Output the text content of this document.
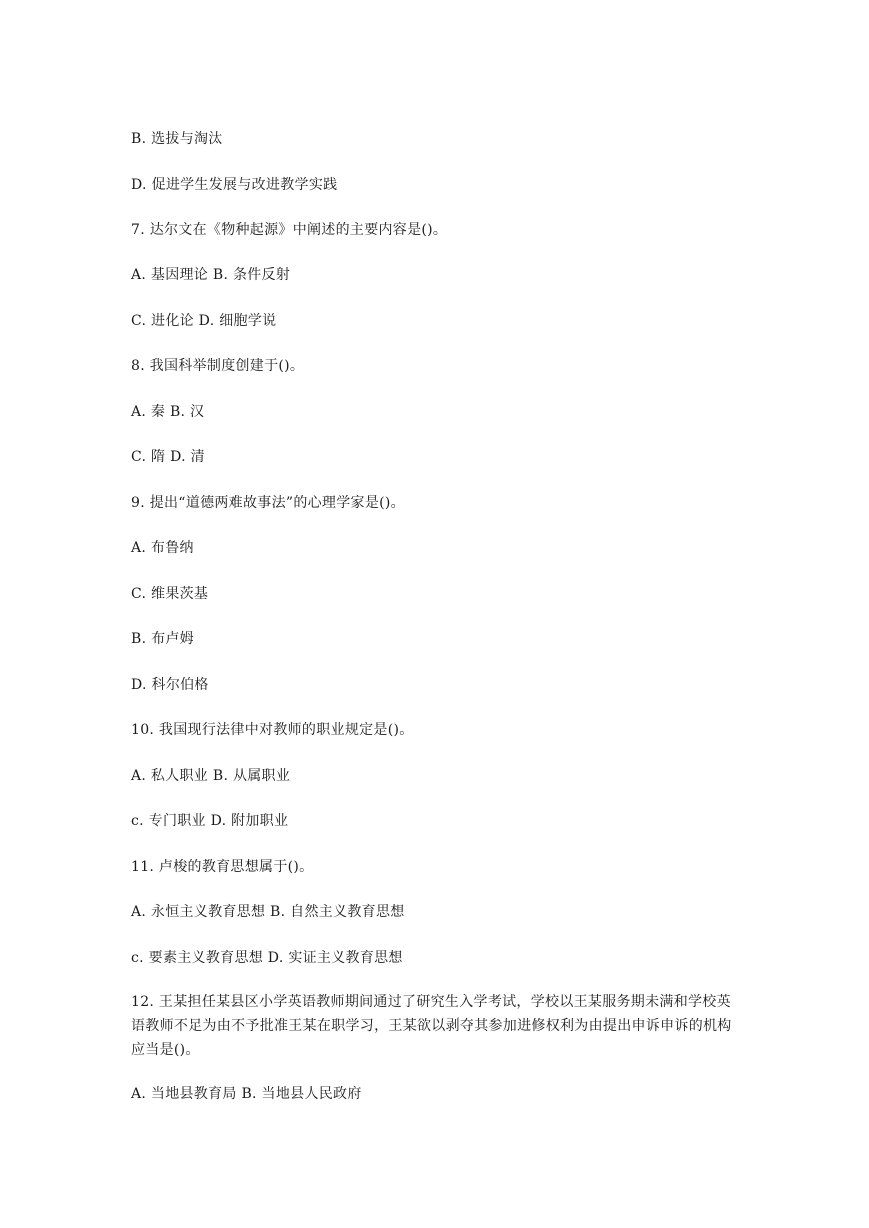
B. 选拔与淘汰
D. 促进学生发展与改进教学实践
7. 达尔文在《物种起源》中阐述的主要内容是()。
A. 基因理论 B. 条件反射
C. 进化论 D. 细胞学说
8. 我国科举制度创建于()。
A. 秦 B. 汉
C. 隋 D. 清
9. 提出“道德两难故事法”的心理学家是()。
A. 布鲁纳
C. 维果茨基
B. 布卢姆
D. 科尔伯格
10. 我国现行法律中对教师的职业规定是()。
A. 私人职业 B. 从属职业
c. 专门职业 D. 附加职业
11. 卢梭的教育思想属于()。
A. 永恒主义教育思想 B. 自然主义教育思想
c. 要素主义教育思想 D. 实证主义教育思想
12. 王某担任某县区小学英语教师期间通过了研究生入学考试，学校以王某服务期未满和学校英语教师不足为由不予批准王某在职学习，王某欲以剥夺其参加进修权利为由提出申诉申诉的机构应当是()。
A. 当地县教育局 B. 当地县人民政府
